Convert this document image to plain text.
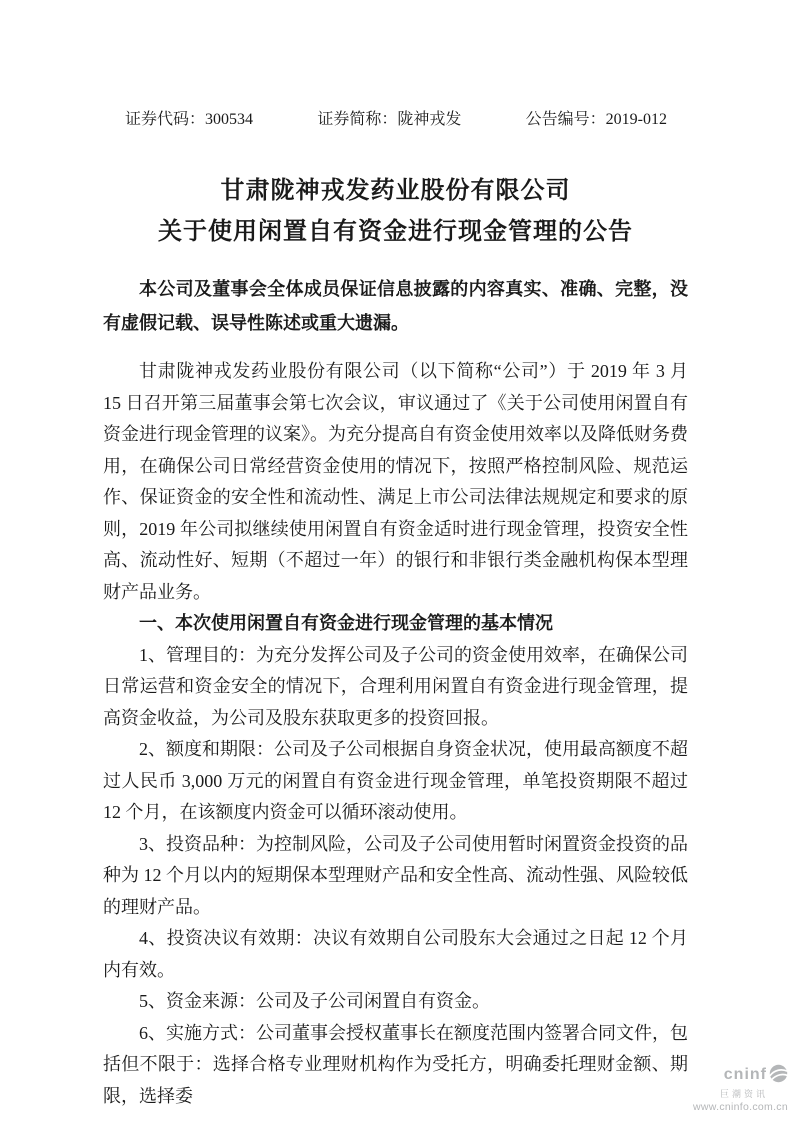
证券代码：300534	证券简称：陇神戎发	公告编号：2019-012
甘肃陇神戎发药业股份有限公司
关于使用闲置自有资金进行现金管理的公告

本公司及董事会全体成员保证信息披露的内容真实、准确、完整，没有虚假记载、误导性陈述或重大遗漏。

甘肃陇神戎发药业股份有限公司（以下简称“公司”）于 2019 年 3 月 15 日召开第三届董事会第七次会议，审议通过了《关于公司使用闲置自有资金进行现金管理的议案》。为充分提高自有资金使用效率以及降低财务费用，在确保公司日常经营资金使用的情况下，按照严格控制风险、规范运作、保证资金的安全性和流动性、满足上市公司法律法规规定和要求的原则，2019 年公司拟继续使用闲置自有资金适时进行现金管理，投资安全性高、流动性好、短期（不超过一年）的银行和非银行类金融机构保本型理财产品业务。

一、本次使用闲置自有资金进行现金管理的基本情况

1、管理目的：为充分发挥公司及子公司的资金使用效率，在确保公司日常运营和资金安全的情况下，合理利用闲置自有资金进行现金管理，提高资金收益，为公司及股东获取更多的投资回报。

2、额度和期限：公司及子公司根据自身资金状况，使用最高额度不超过人民币 3,000 万元的闲置自有资金进行现金管理，单笔投资期限不超过 12 个月，在该额度内资金可以循环滚动使用。

3、投资品种：为控制风险，公司及子公司使用暂时闲置资金投资的品种为 12 个月以内的短期保本型理财产品和安全性高、流动性强、风险较低的理财产品。

4、投资决议有效期：决议有效期自公司股东大会通过之日起 12 个月内有效。

5、资金来源：公司及子公司闲置自有资金。

6、实施方式：公司董事会授权董事长在额度范围内签署合同文件，包括但不限于：选择合格专业理财机构作为受托方，明确委托理财金额、期限，选择委

cninf
巨潮资讯
www.cninfo.com.cn
